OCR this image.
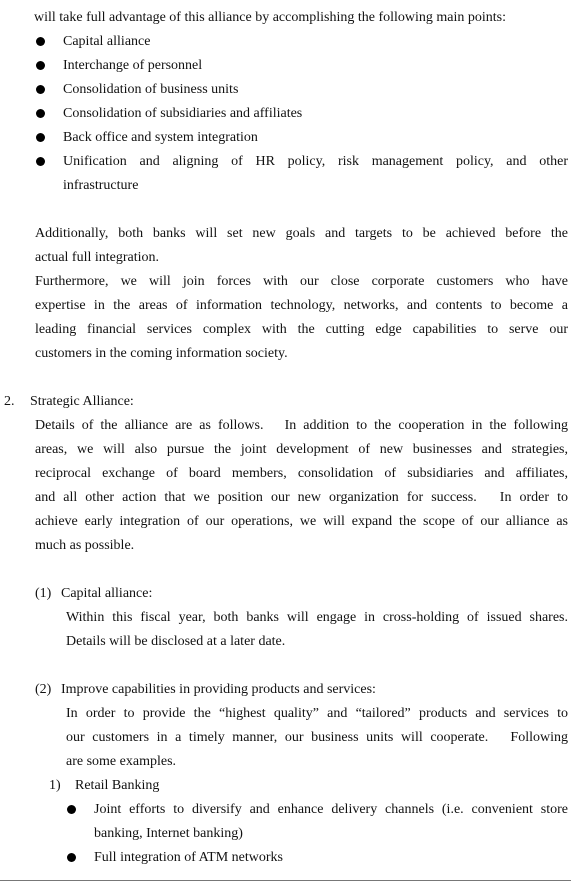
will take full advantage of this alliance by accomplishing the following main points:
Capital alliance
Interchange of personnel
Consolidation of business units
Consolidation of subsidiaries and affiliates
Back office and system integration
Unification and aligning of HR policy, risk management policy, and other
infrastructure
Additionally, both banks will set new goals and targets to be achieved before the
actual full integration.
Furthermore, we will join forces with our close corporate customers who have
expertise in the areas of information technology, networks, and contents to become a
leading financial services complex with the cutting edge capabilities to serve our
customers in the coming information society.
2. Strategic Alliance:
Details of the alliance are as follows.　In addition to the cooperation in the following
areas, we will also pursue the joint development of new businesses and strategies,
reciprocal exchange of board members, consolidation of subsidiaries and affiliates,
and all other action that we position our new organization for success.　In order to
achieve early integration of our operations, we will expand the scope of our alliance as
much as possible.
(1) Capital alliance:
Within this fiscal year, both banks will engage in cross-holding of issued shares.
Details will be disclosed at a later date.
(2) Improve capabilities in providing products and services:
In order to provide the “highest quality” and “tailored” products and services to
our customers in a timely manner, our business units will cooperate.　Following
are some examples.
1) Retail Banking
Joint efforts to diversify and enhance delivery channels (i.e. convenient store
banking, Internet banking)
Full integration of ATM networks
